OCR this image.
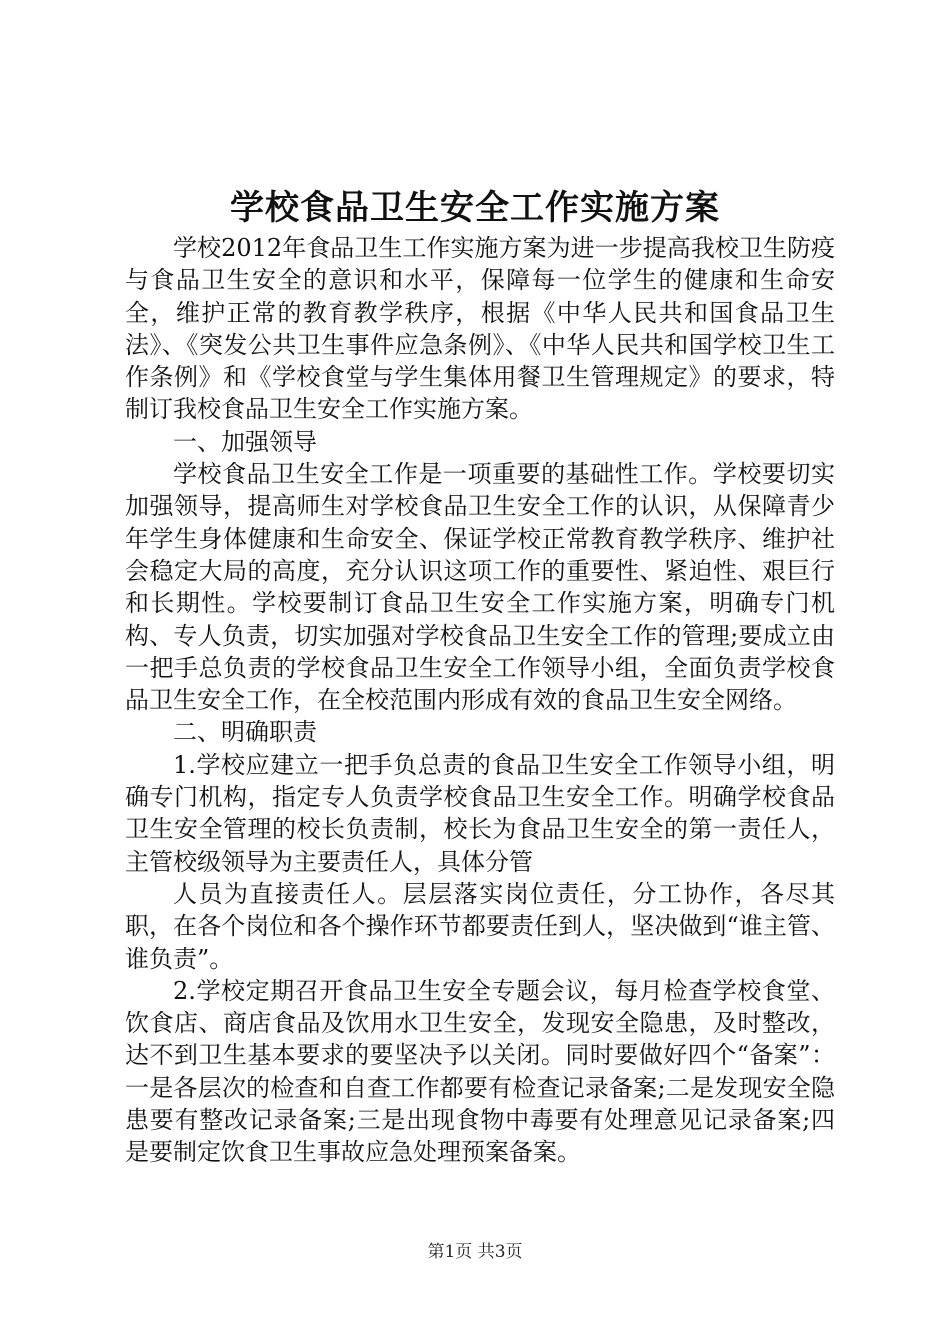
学校食品卫生安全工作实施方案

学校2012年食品卫生工作实施方案为进一步提高我校卫生防疫与食品卫生安全的意识和水平，保障每一位学生的健康和生命安全，维护正常的教育教学秩序，根据《中华人民共和国食品卫生法》、《突发公共卫生事件应急条例》、《中华人民共和国学校卫生工作条例》和《学校食堂与学生集体用餐卫生管理规定》的要求，特制订我校食品卫生安全工作实施方案。

一、加强领导

学校食品卫生安全工作是一项重要的基础性工作。学校要切实加强领导，提高师生对学校食品卫生安全工作的认识，从保障青少年学生身体健康和生命安全、保证学校正常教育教学秩序、维护社会稳定大局的高度，充分认识这项工作的重要性、紧迫性、艰巨行和长期性。学校要制订食品卫生安全工作实施方案，明确专门机构、专人负责，切实加强对学校食品卫生安全工作的管理;要成立由一把手总负责的学校食品卫生安全工作领导小组，全面负责学校食品卫生安全工作，在全校范围内形成有效的食品卫生安全网络。

二、明确职责

1.学校应建立一把手负总责的食品卫生安全工作领导小组，明确专门机构，指定专人负责学校食品卫生安全工作。明确学校食品卫生安全管理的校长负责制，校长为食品卫生安全的第一责任人，主管校级领导为主要责任人，具体分管

人员为直接责任人。层层落实岗位责任，分工协作，各尽其职，在各个岗位和各个操作环节都要责任到人，坚决做到“谁主管、谁负责”。

2.学校定期召开食品卫生安全专题会议，每月检查学校食堂、饮食店、商店食品及饮用水卫生安全，发现安全隐患，及时整改，达不到卫生基本要求的要坚决予以关闭。同时要做好四个“备案”：一是各层次的检查和自查工作都要有检查记录备案;二是发现安全隐患要有整改记录备案;三是出现食物中毒要有处理意见记录备案;四是要制定饮食卫生事故应急处理预案备案。

第1页 共3页
